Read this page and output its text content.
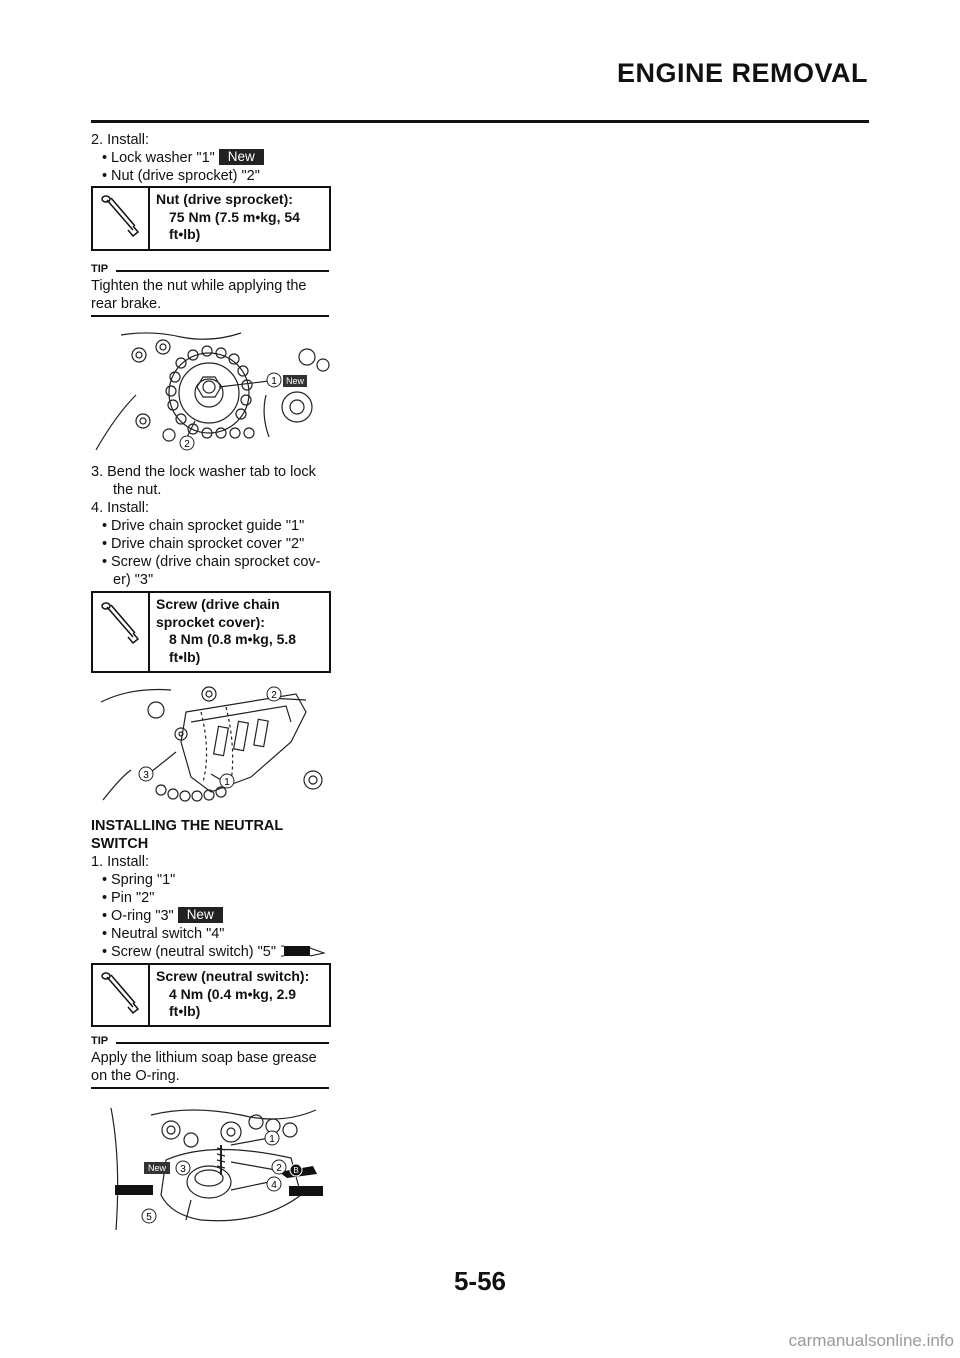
ENGINE REMOVAL
2. Install:
• Lock washer "1" New
• Nut (drive sprocket) "2"
Nut (drive sprocket):
75 Nm (7.5 m•kg, 54
ft•lb)
TIP
Tighten the nut while applying the rear brake.
1 New
2
3. Bend the lock washer tab to lock
the nut.
4. Install:
• Drive chain sprocket guide "1"
• Drive chain sprocket cover "2"
• Screw (drive chain sprocket cov-
er) "3"
Screw (drive chain
sprocket cover):
8 Nm (0.8 m•kg, 5.8
ft•lb)
2
3
1
INSTALLING THE NEUTRAL
SWITCH
1. Install:
• Spring "1"
• Pin "2"
• O-ring "3" New
• Neutral switch "4"
• Screw (neutral switch) "5"
Screw (neutral switch):
4 Nm (0.4 m•kg, 2.9
ft•lb)
TIP
Apply the lithium soap base grease on the O-ring.
B
New 3
1
2
4
5
5-56
carmanualsonline.info
